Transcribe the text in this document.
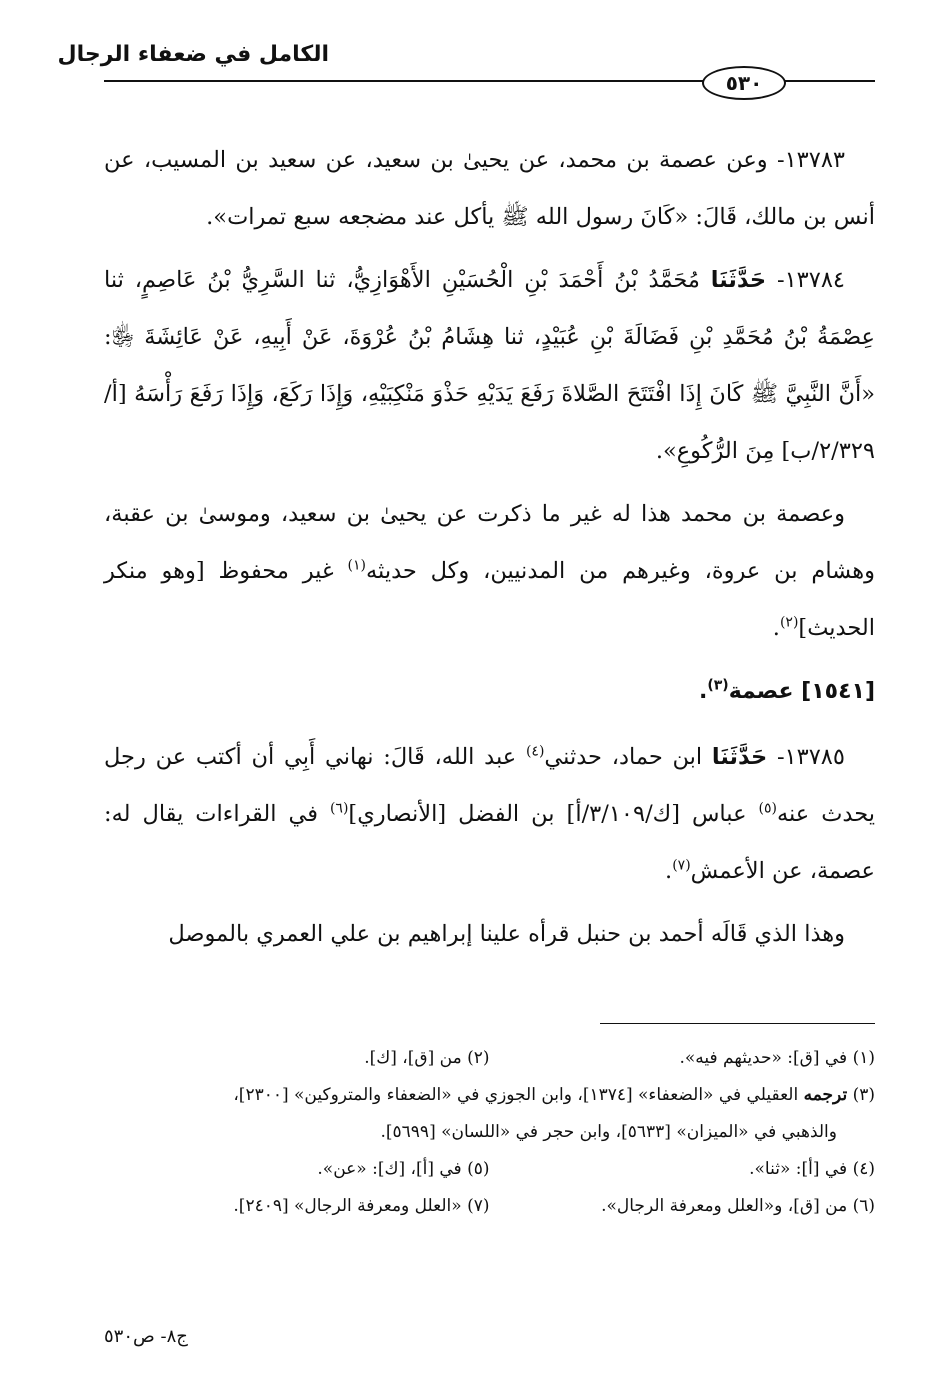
الكامل في ضعفاء الرجال
٥٣٠

١٣٧٨٣- وعن عصمة بن محمد، عن يحيىٰ بن سعيد، عن سعيد بن المسيب، عن أنس بن مالك، قَالَ: «كَانَ رسول الله ﷺ يأكل عند مضجعه سبع تمرات».

١٣٧٨٤- حَدَّثَنَا مُحَمَّدُ بْنُ أَحْمَدَ بْنِ الْحُسَيْنِ الأَهْوَازِيُّ، ثنا السَّرِيُّ بْنُ عَاصِمٍ، ثنا عِصْمَةُ بْنُ مُحَمَّدِ بْنِ فَضَالَةَ بْنِ عُبَيْدٍ، ثنا هِشَامُ بْنُ عُرْوَةَ، عَنْ أَبِيهِ، عَنْ عَائِشَةَ ﵂: «أَنَّ النَّبِيَّ ﷺ كَانَ إِذَا افْتَتَحَ الصَّلاةَ رَفَعَ يَدَيْهِ حَذْوَ مَنْكِبَيْهِ، وَإِذَا رَكَعَ، وَإِذَا رَفَعَ رَأْسَهُ [أ/٢/٣٢٩/ب] مِنَ الرُّكُوعِ».

وعصمة بن محمد هذا له غير ما ذكرت عن يحيىٰ بن سعيد، وموسىٰ بن عقبة، وهشام بن عروة، وغيرهم من المدنيين، وكل حديثه$^{(١)}$ غير محفوظ [وهو منكر الحديث]$^{(٢)}$.

[١٥٤١] عصمة$^{(٣)}$.

١٣٧٨٥- حَدَّثَنَا ابن حماد، حدثني$^{(٤)}$ عبد الله، قَالَ: نهاني أَبِي أن أكتب عن رجل يحدث عنه$^{(٥)}$ عباس [ك/٣/١٠٩/أ] بن الفضل [الأنصاري]$^{(٦)}$ في القراءات يقال له: عصمة، عن الأعمش$^{(٧)}$.

وهذا الذي قَالَه أحمد بن حنبل قرأه علينا إبراهيم بن علي العمري بالموصل

(١) في [ق]: «حديثهم فيه».
(٢) من [ق]، [ك].
(٣) ترجمه العقيلي في «الضعفاء» [١٣٧٤]، وابن الجوزي في «الضعفاء والمتروكين» [٢٣٠٠]،
والذهبي في «الميزان» [٥٦٣٣]، وابن حجر في «اللسان» [٥٦٩٩].
(٤) في [أ]: «ثنا».
(٥) في [أ]، [ك]: «عن».
(٦) من [ق]، و«العلل ومعرفة الرجال».
(٧) «العلل ومعرفة الرجال» [٢٤٠٩].
ج٨- ص٥٣٠
